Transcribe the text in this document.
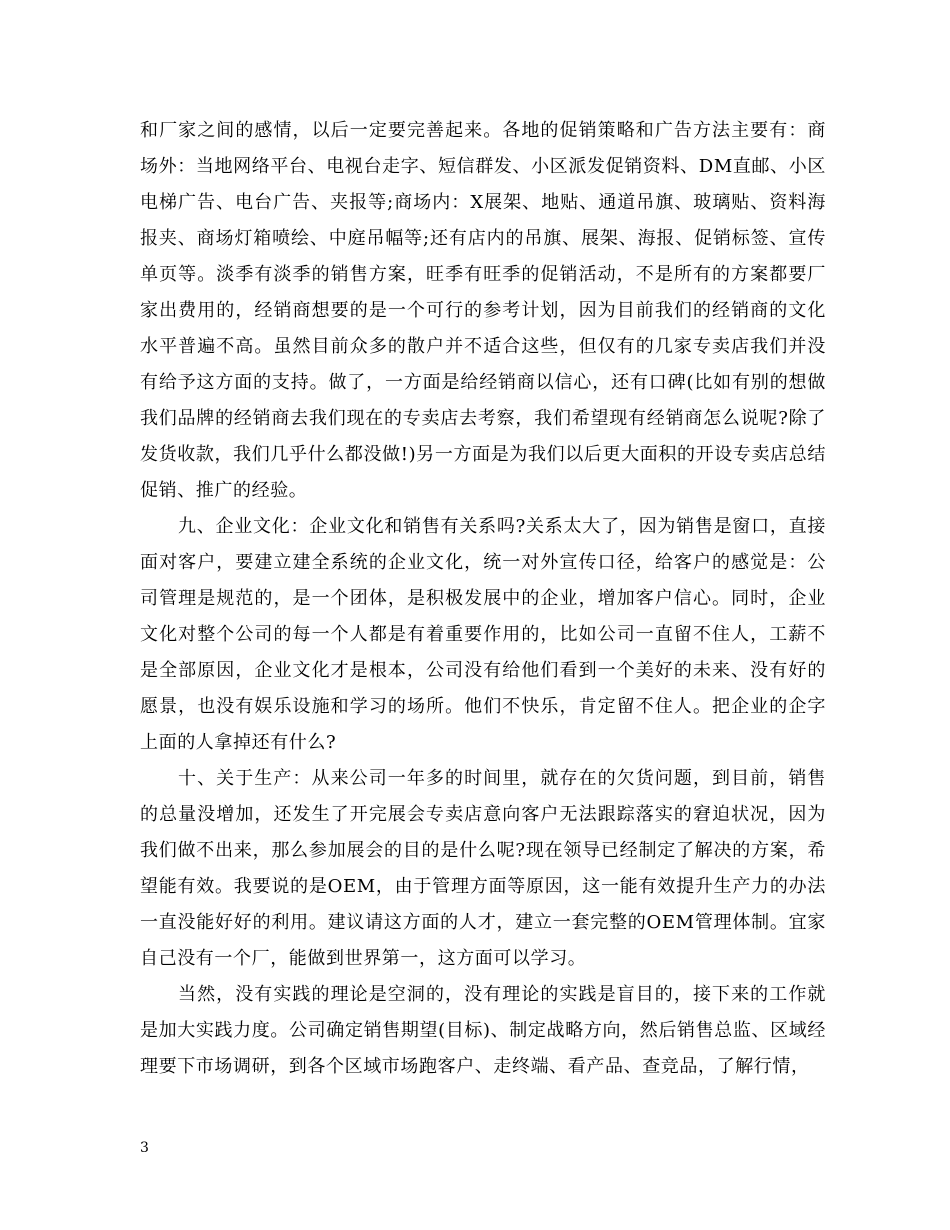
和厂家之间的感情，以后一定要完善起来。各地的促销策略和广告方法主要有：商场外：当地网络平台、电视台走字、短信群发、小区派发促销资料、DM直邮、小区电梯广告、电台广告、夹报等;商场内：X展架、地贴、通道吊旗、玻璃贴、资料海报夹、商场灯箱喷绘、中庭吊幅等;还有店内的吊旗、展架、海报、促销标签、宣传单页等。淡季有淡季的销售方案，旺季有旺季的促销活动，不是所有的方案都要厂家出费用的，经销商想要的是一个可行的参考计划，因为目前我们的经销商的文化水平普遍不高。虽然目前众多的散户并不适合这些，但仅有的几家专卖店我们并没有给予这方面的支持。做了，一方面是给经销商以信心，还有口碑(比如有别的想做我们品牌的经销商去我们现在的专卖店去考察，我们希望现有经销商怎么说呢?除了发货收款，我们几乎什么都没做!)另一方面是为我们以后更大面积的开设专卖店总结促销、推广的经验。

九、企业文化：企业文化和销售有关系吗?关系太大了，因为销售是窗口，直接面对客户，要建立建全系统的企业文化，统一对外宣传口径，给客户的感觉是：公司管理是规范的，是一个团体，是积极发展中的企业，增加客户信心。同时，企业文化对整个公司的每一个人都是有着重要作用的，比如公司一直留不住人，工薪不是全部原因，企业文化才是根本，公司没有给他们看到一个美好的未来、没有好的愿景，也没有娱乐设施和学习的场所。他们不快乐，肯定留不住人。把企业的企字上面的人拿掉还有什么?

十、关于生产：从来公司一年多的时间里，就存在的欠货问题，到目前，销售的总量没增加，还发生了开完展会专卖店意向客户无法跟踪落实的窘迫状况，因为我们做不出来，那么参加展会的目的是什么呢?现在领导已经制定了解决的方案，希望能有效。我要说的是OEM，由于管理方面等原因，这一能有效提升生产力的办法一直没能好好的利用。建议请这方面的人才，建立一套完整的OEM管理体制。宜家自己没有一个厂，能做到世界第一，这方面可以学习。

当然，没有实践的理论是空洞的，没有理论的实践是盲目的，接下来的工作就是加大实践力度。公司确定销售期望(目标)、制定战略方向，然后销售总监、区域经理要下市场调研，到各个区域市场跑客户、走终端、看产品、查竞品，了解行情，

3
